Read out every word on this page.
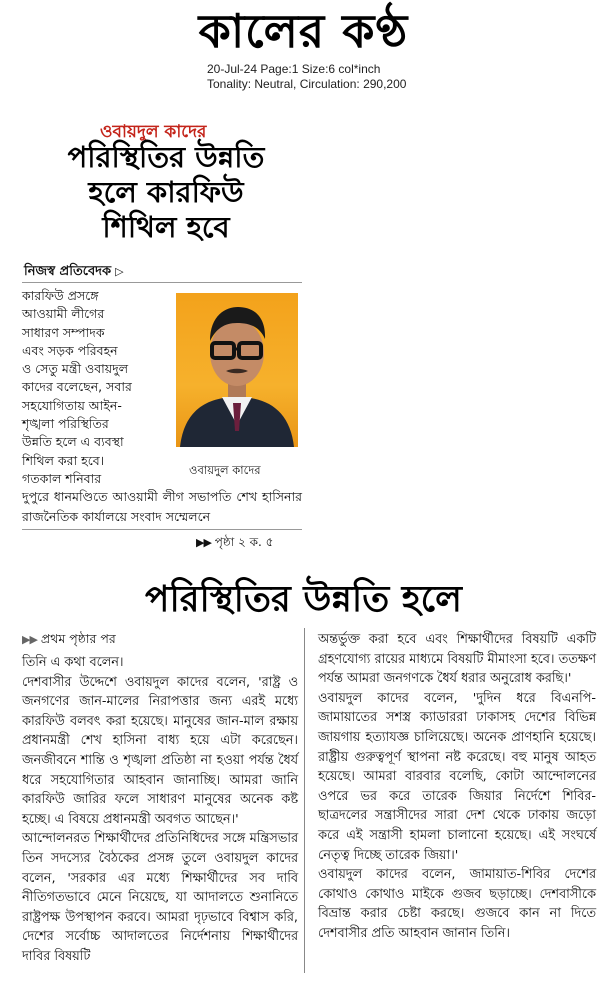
কালের কণ্ঠ
20-Jul-24 Page:1 Size:6 col*inch
Tonality: Neutral, Circulation: 290,200
ওবায়দুল কাদের
পরিস্থিতির উন্নতি
হলে কারফিউ
শিথিল হবে
নিজস্ব প্রতিবেদক ▷
কারফিউ প্রসঙ্গে
আওয়ামী লীগের
সাধারণ সম্পাদক
এবং সড়ক পরিবহন
ও সেতু মন্ত্রী ওবায়দুল
কাদের বলেছেন, সবার
সহযোগিতায় আইন-
শৃঙ্খলা পরিস্থিতির
উন্নতি হলে এ ব্যবস্থা
শিথিল করা হবে।
গতকাল শনিবার
ওবায়দুল কাদের
দুপুরে ধানমণ্ডিতে আওয়ামী লীগ সভাপতি শেখ হাসিনার রাজনৈতিক কার্যালয়ে সংবাদ সম্মেলনে
▶▶ পৃষ্ঠা ২ ক. ৫
পরিস্থিতির উন্নতি হলে
▶▶ প্রথম পৃষ্ঠার পর

তিনি এ কথা বলেন।

দেশবাসীর উদ্দেশে ওবায়দুল কাদের বলেন, 'রাষ্ট্র ও জনগণের জান-মালের নিরাপত্তার জন্য এরই মধ্যে কারফিউ বলবৎ করা হয়েছে। মানুষের জান-মাল রক্ষায় প্রধানমন্ত্রী শেখ হাসিনা বাধ্য হয়ে এটা করেছেন। জনজীবনে শান্তি ও শৃঙ্খলা প্রতিষ্ঠা না হওয়া পর্যন্ত ধৈর্য ধরে সহযোগিতার আহবান জানাচ্ছি। আমরা জানি কারফিউ জারির ফলে সাধারণ মানুষের অনেক কষ্ট হচ্ছে। এ বিষয়ে প্রধানমন্ত্রী অবগত আছেন।'

আন্দোলনরত শিক্ষার্থীদের প্রতিনিধিদের সঙ্গে মন্ত্রিসভার তিন সদস্যের বৈঠকের প্রসঙ্গ তুলে ওবায়দুল কাদের বলেন, 'সরকার এর মধ্যে শিক্ষার্থীদের সব দাবি নীতিগতভাবে মেনে নিয়েছে, যা আদালতে শুনানিতে রাষ্ট্রপক্ষ উপস্থাপন করবে। আমরা দৃঢ়ভাবে বিশ্বাস করি, দেশের সর্বোচ্চ আদালতের নির্দেশনায় শিক্ষার্থীদের দাবির বিষয়টি

অন্তর্ভুক্ত করা হবে এবং শিক্ষার্থীদের বিষয়টি একটি গ্রহণযোগ্য রায়ের মাধ্যমে বিষয়টি মীমাংসা হবে। ততক্ষণ পর্যন্ত আমরা জনগণকে ধৈর্য ধরার অনুরোধ করছি।'

ওবায়দুল কাদের বলেন, 'দুদিন ধরে বিএনপি-জামায়াতের সশস্ত্র ক্যাডাররা ঢাকাসহ দেশের বিভিন্ন জায়গায় হত্যাযজ্ঞ চালিয়েছে। অনেক প্রাণহানি হয়েছে। রাষ্ট্রীয় গুরুত্বপূর্ণ স্থাপনা নষ্ট করেছে। বহু মানুষ আহত হয়েছে। আমরা বারবার বলেছি, কোটা আন্দোলনের ওপরে ভর করে তারেক জিয়ার নির্দেশে শিবির-ছাত্রদলের সন্ত্রাসীদের সারা দেশ থেকে ঢাকায় জড়ো করে এই সন্ত্রাসী হামলা চালানো হয়েছে। এই সংঘর্ষে নেতৃত্ব দিচ্ছে তারেক জিয়া।'

ওবায়দুল কাদের বলেন, জামায়াত-শিবির দেশের কোথাও কোথাও মাইকে গুজব ছড়াচ্ছে। দেশবাসীকে বিভ্রান্ত করার চেষ্টা করছে। গুজবে কান না দিতে দেশবাসীর প্রতি আহবান জানান তিনি।
